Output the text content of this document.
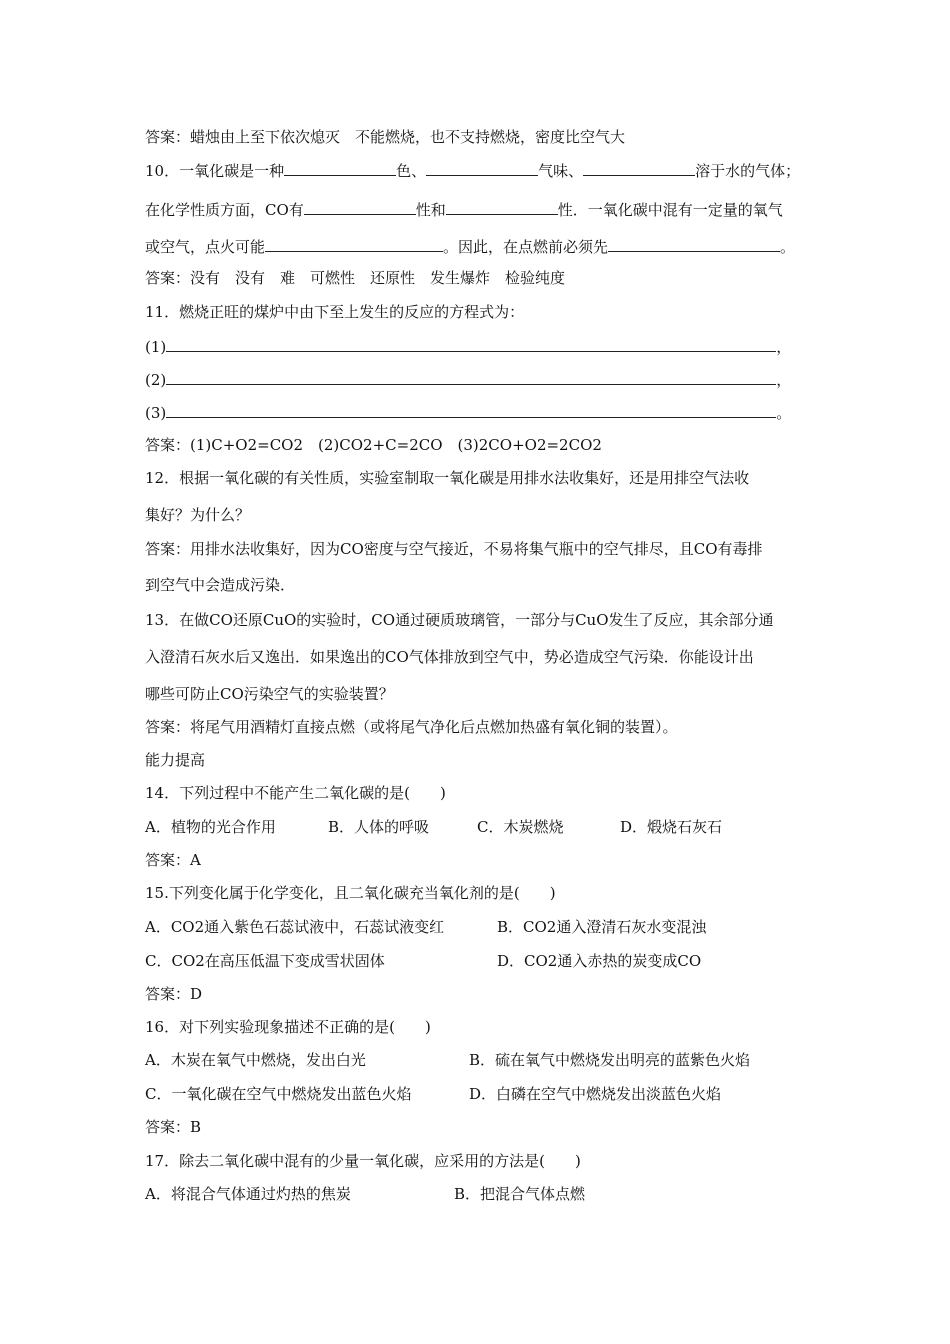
答案：蜡烛由上至下依次熄灭　不能燃烧，也不支持燃烧，密度比空气大
10．一氧化碳是一种	色、	气味、	溶于水的气体；
在化学性质方面，CO有	性和	性．一氧化碳中混有一定量的氧气
或空气，点火可能	。因此，在点燃前必须先	。
答案：没有　没有　难　可燃性　还原性　发生爆炸　检验纯度
11．燃烧正旺的煤炉中由下至上发生的反应的方程式为：
(1)	，
(2)	，
(3)	。
答案：(1)C+O2=CO2　(2)CO2+C=2CO　(3)2CO+O2=2CO2
12．根据一氧化碳的有关性质，实验室制取一氧化碳是用排水法收集好，还是用排空气法收
集好？为什么？
答案：用排水法收集好，因为CO密度与空气接近，不易将集气瓶中的空气排尽，且CO有毒排
到空气中会造成污染．
13．在做CO还原CuO的实验时，CO通过硬质玻璃管，一部分与CuO发生了反应，其余部分通
入澄清石灰水后又逸出．如果逸出的CO气体排放到空气中，势必造成空气污染．你能设计出
哪些可防止CO污染空气的实验装置？
答案：将尾气用酒精灯直接点燃（或将尾气净化后点燃加热盛有氧化铜的装置）。
能力提高
14．下列过程中不能产生二氧化碳的是(　　)
A．植物的光合作用	B．人体的呼吸	C．木炭燃烧	D．煅烧石灰石
答案：A
15.下列变化属于化学变化，且二氧化碳充当氧化剂的是(　　)
A．CO2通入紫色石蕊试液中，石蕊试液变红	B．CO2通入澄清石灰水变混浊
C．CO2在高压低温下变成雪状固体	D．CO2通入赤热的炭变成CO
答案：D
16．对下列实验现象描述不正确的是(　　)
A．木炭在氧气中燃烧，发出白光	B．硫在氧气中燃烧发出明亮的蓝紫色火焰
C．一氧化碳在空气中燃烧发出蓝色火焰	D．白磷在空气中燃烧发出淡蓝色火焰
答案：B
17．除去二氧化碳中混有的少量一氧化碳，应采用的方法是(　　)
A．将混合气体通过灼热的焦炭	B．把混合气体点燃
